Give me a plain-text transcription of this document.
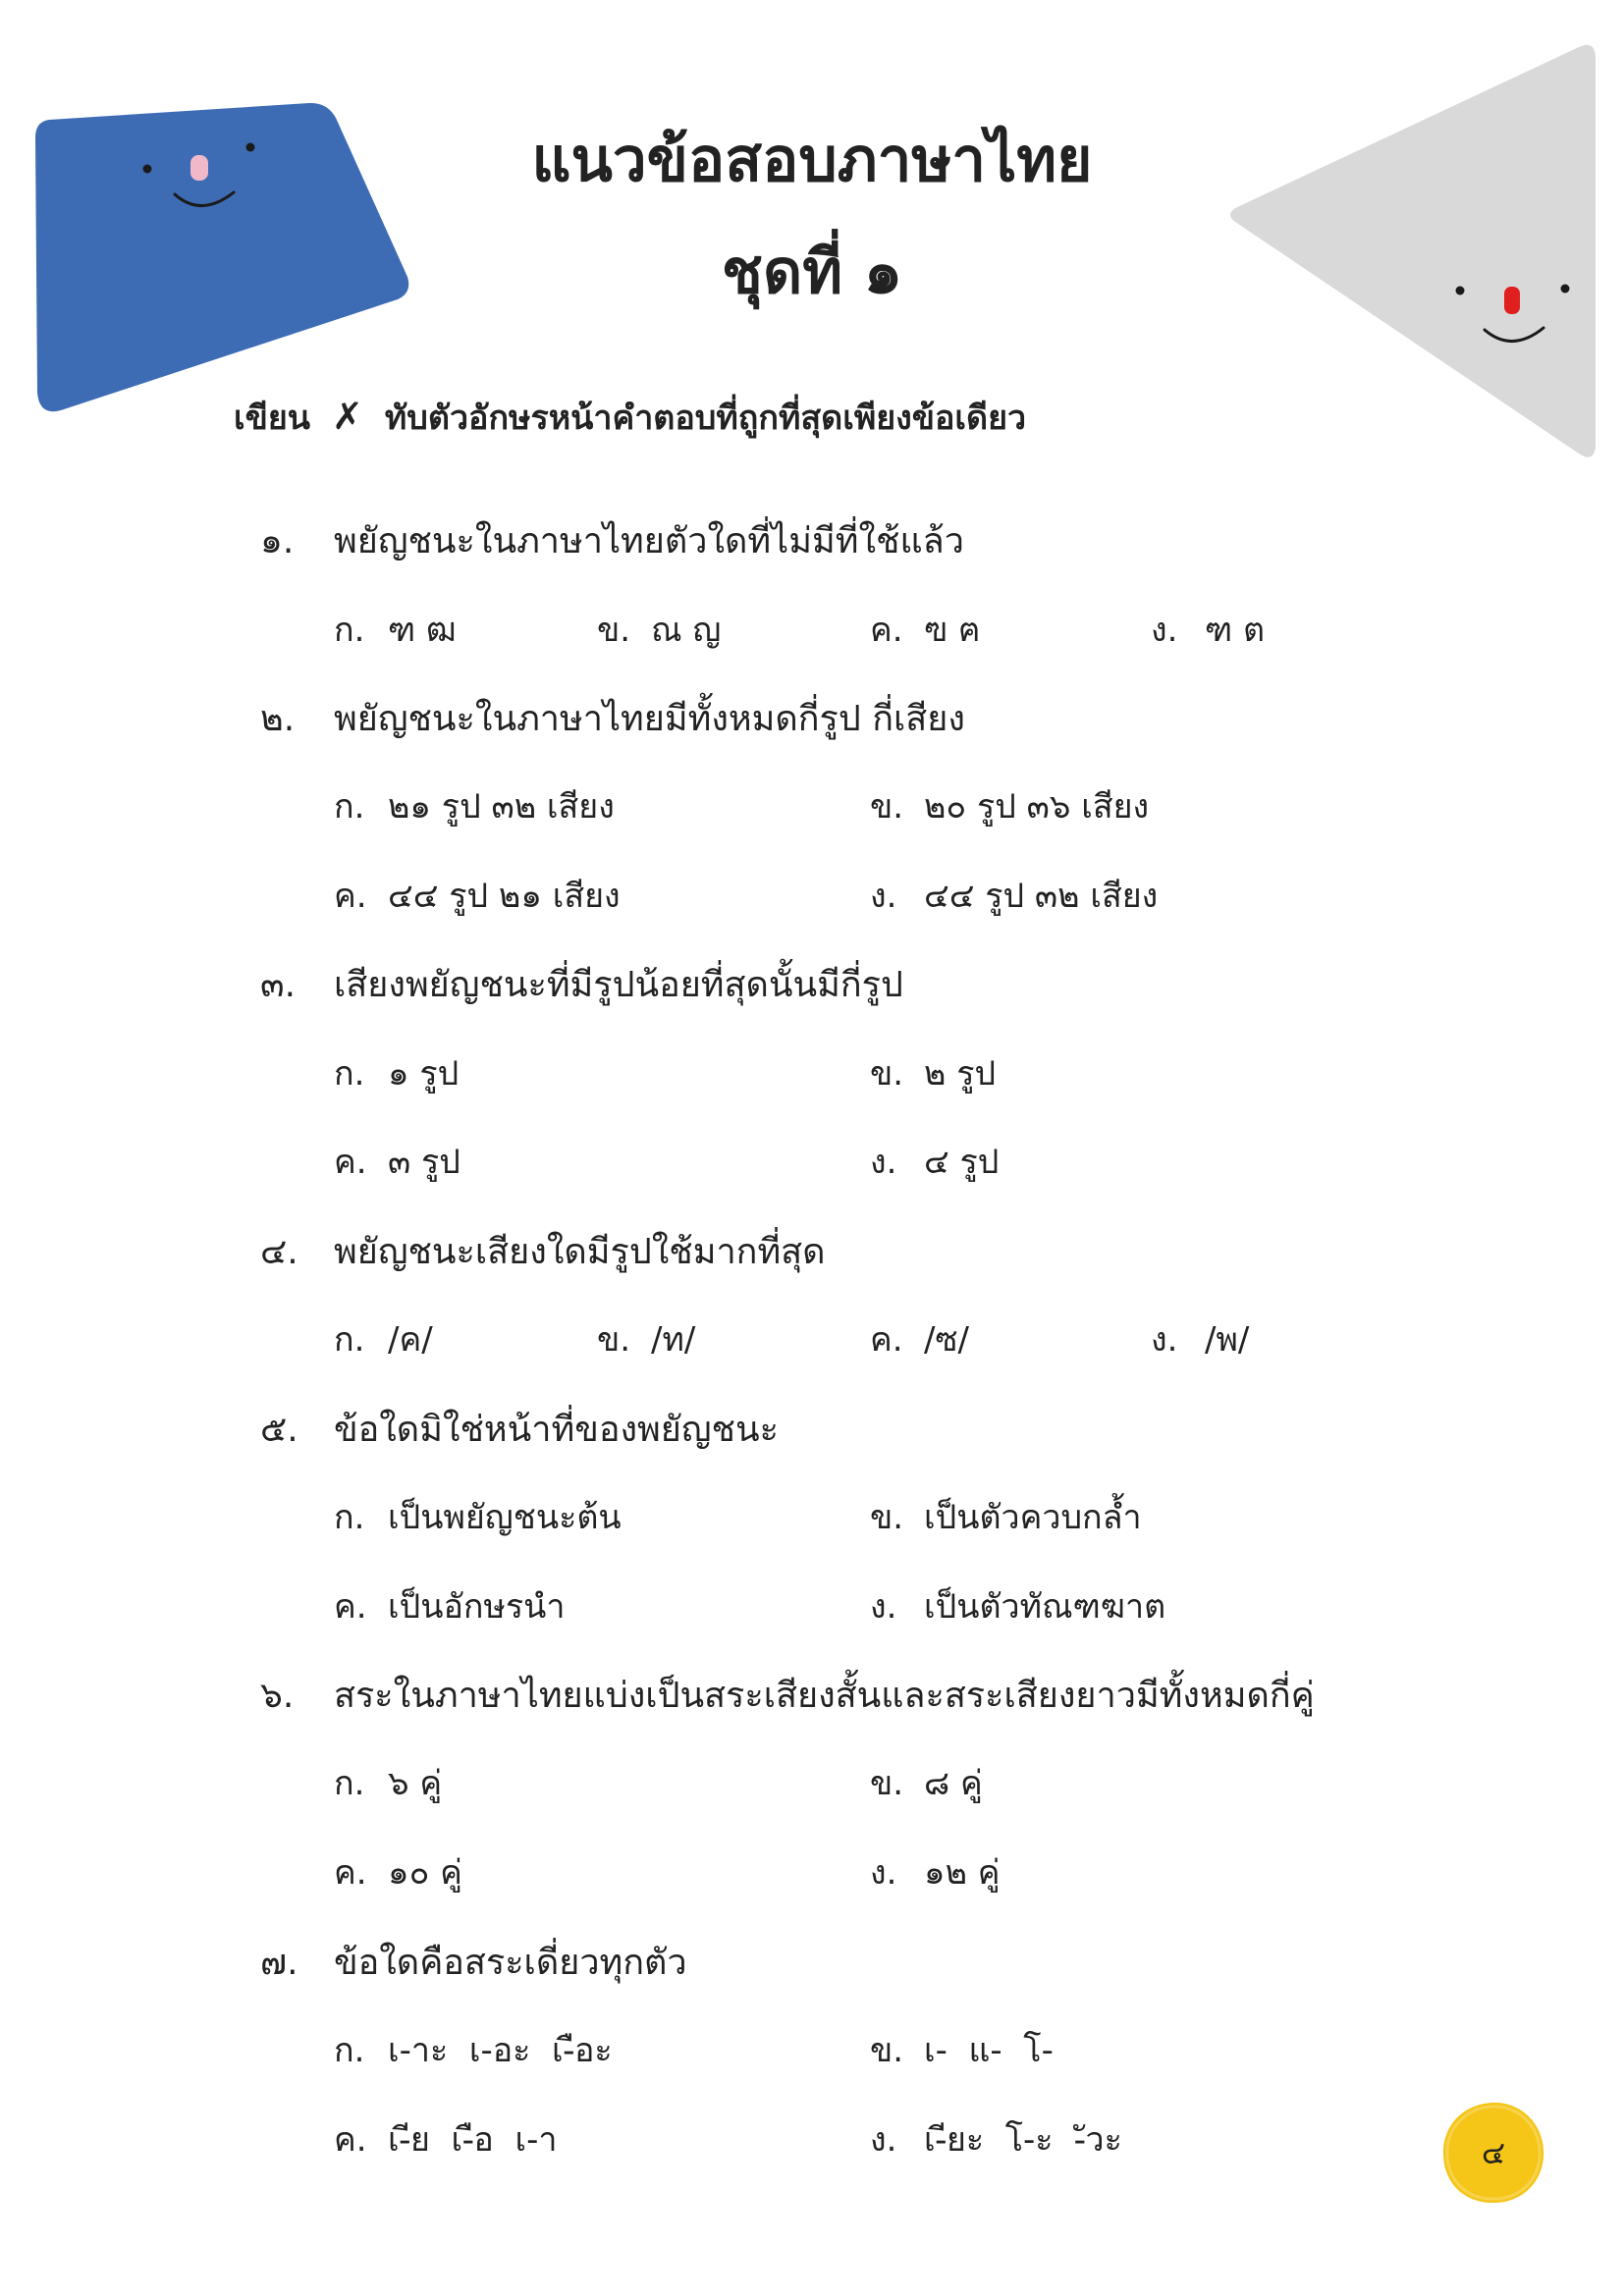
แนวข้อสอบภาษาไทย
ชุดที่ ๑
เขียน ✗ ทับตัวอักษรหน้าคำตอบที่ถูกที่สุดเพียงข้อเดียว
๑. พยัญชนะในภาษาไทยตัวใดที่ไม่มีที่ใช้แล้ว
ก. ฑ ฒ	ข. ณ ญ	ค. ฃ ฅ	ง. ฑ ต
๒. พยัญชนะในภาษาไทยมีทั้งหมดกี่รูป กี่เสียง
ก. ๒๑ รูป ๓๒ เสียง	ข. ๒๐ รูป ๓๖ เสียง
ค. ๔๔ รูป ๒๑ เสียง	ง. ๔๔ รูป ๓๒ เสียง
๓. เสียงพยัญชนะที่มีรูปน้อยที่สุดนั้นมีกี่รูป
ก. ๑ รูป	ข. ๒ รูป
ค. ๓ รูป	ง. ๔ รูป
๔. พยัญชนะเสียงใดมีรูปใช้มากที่สุด
ก. /ค/	ข. /ท/	ค. /ซ/	ง. /พ/
๕. ข้อใดมิใช่หน้าที่ของพยัญชนะ
ก. เป็นพยัญชนะต้น	ข. เป็นตัวควบกล้ำ
ค. เป็นอักษรนำ	ง. เป็นตัวทัณฑฆาต
๖. สระในภาษาไทยแบ่งเป็นสระเสียงสั้นและสระเสียงยาวมีทั้งหมดกี่คู่
ก. ๖ คู่	ข. ๘ คู่
ค. ๑๐ คู่	ง. ๑๒ คู่
๗. ข้อใดคือสระเดี่ยวทุกตัว
ก. เ-าะ  เ-อะ  เ-ือะ	ข. เ-  แ-  โ-
ค. เ-ีย  เ-ือ  เ-า	ง. เ-ียะ  โ-ะ  -ัวะ	๔
